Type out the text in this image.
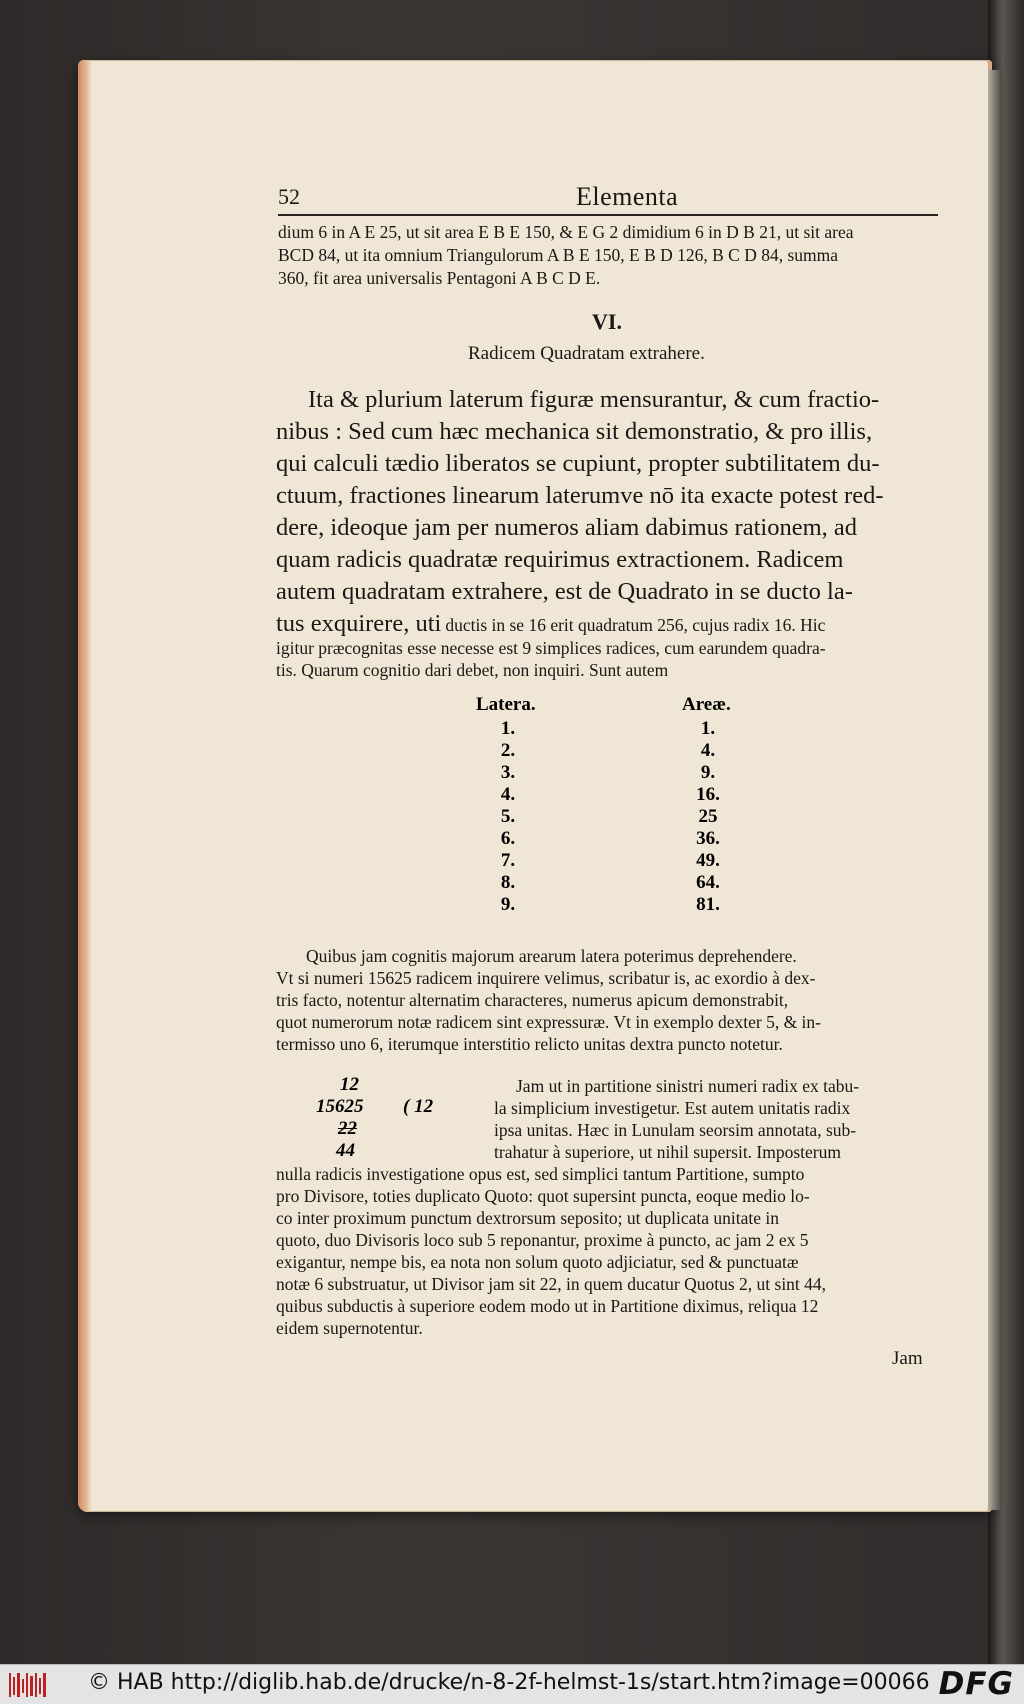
52	Elementa
dium 6 in A E 25, ut sit area E B E 150, & E G 2 dimidium 6 in D B 21, ut sit area
BCD 84, ut ita omnium Triangulorum A B E 150, E B D 126, B C D 84, summa
360, fit area universalis Pentagoni A B C D E.
VI.
Radicem Quadratam extrahere.
Ita & plurium laterum figuræ mensurantur, & cum fractio-
nibus : Sed cum hæc mechanica sit demonstratio, & pro illis,
qui calculi tædio liberatos se cupiunt, propter subtilitatem du-
ctuum, fractiones linearum laterumve nō ita exacte potest red-
dere, ideoque jam per numeros aliam dabimus rationem, ad
quam radicis quadratæ requirimus extractionem. Radicem
autem quadratam extrahere, est de Quadrato in se ducto la-
tus exquirere, uti ductis in se 16 erit quadratum 256, cujus radix 16. Hic
igitur præcognitas esse necesse est 9 simplices radices, cum earundem quadra-
tis. Quarum cognitio dari debet, non inquiri. Sunt autem
Latera.	Areæ.
1.	1.
2.	4.
3.	9.
4.	16.
5.	25
6.	36.
7.	49.
8.	64.
9.	81.
Quibus jam cognitis majorum arearum latera poterimus deprehendere.
Vt si numeri 15625 radicem inquirere velimus, scribatur is, ac exordio à dex-
tris facto, notentur alternatim characteres, numerus apicum demonstrabit,
quot numerorum notæ radicem sint expressuræ. Vt in exemplo dexter 5, & in-
termisso uno 6, iterumque interstitio relicto unitas dextra puncto notetur.
12
15625 ( 12
22
44
Jam ut in partitione sinistri numeri radix ex tabu-
la simplicium investigetur. Est autem unitatis radix
ipsa unitas. Hæc in Lunulam seorsim annotata, sub-
trahatur à superiore, ut nihil supersit. Imposterum
nulla radicis investigatione opus est, sed simplici tantum Partitione, sumpto
pro Divisore, toties duplicato Quoto: quot supersint puncta, eoque medio lo-
co inter proximum punctum dextrorsum seposito; ut duplicata unitate in
quoto, duo Divisoris loco sub 5 reponantur, proxime à puncto, ac jam 2 ex 5
exigantur, nempe bis, ea nota non solum quoto adjiciatur, sed & punctuatæ
notæ 6 substruatur, ut Divisor jam sit 22, in quem ducatur Quotus 2, ut sint 44,
quibus subductis à superiore eodem modo ut in Partitione diximus, reliqua 12
eidem supernotentur.
Jam
© HAB http://diglib.hab.de/drucke/n-8-2f-helmst-1s/start.htm?image=00066 DFG
